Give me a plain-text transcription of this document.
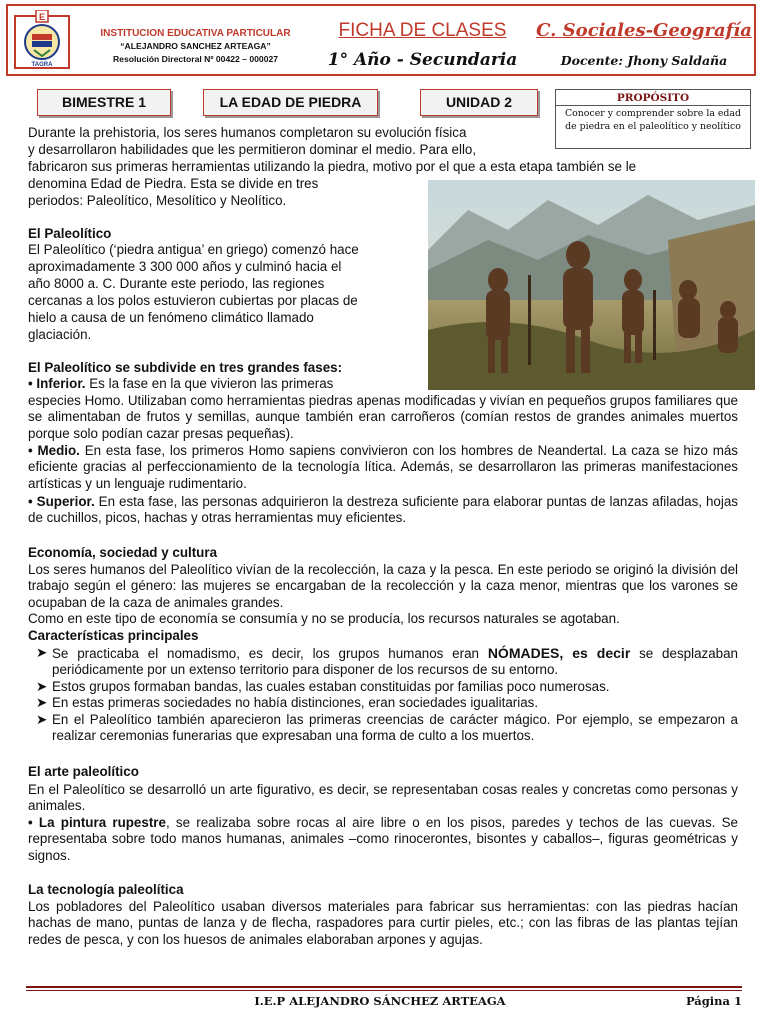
E
TAGRA
INSTITUCION EDUCATIVA PARTICULAR
“ALEJANDRO SANCHEZ ARTEAGA”
Resolución Directoral Nº 00422 – 000027
FICHA DE CLASES
1° Año - Secundaria
C. Sociales-Geografía
Docente: Jhony Saldaña
BIMESTRE 1	LA EDAD DE PIEDRA	UNIDAD 2	PROPÓSITO
Conocer y comprender sobre la edad de piedra en el paleolítico y neolítico
Durante la prehistoria, los seres humanos completaron su evolución física
y desarrollaron habilidades que les permitieron dominar el medio. Para ello,
fabricaron sus primeras herramientas utilizando la piedra, motivo por el que a esta etapa también se le
denomina Edad de Piedra. Esta se divide en tres
periodos: Paleolítico, Mesolítico y Neolítico.
El Paleolítico
El Paleolítico (‘piedra antigua’ en griego) comenzó hace
aproximadamente 3 300 000 años y culminó hacia el
año 8000 a. C. Durante este periodo, las regiones
cercanas a los polos estuvieron cubiertas por placas de
hielo a causa de un fenómeno climático llamado
glaciación.
El Paleolítico se subdivide en tres grandes fases:
• Inferior. Es la fase en la que vivieron las primeras
especies Homo. Utilizaban como herramientas piedras apenas modificadas y vivían en pequeños grupos familiares que se alimentaban de frutos y semillas, aunque también eran carroñeros (comían restos de grandes animales muertos porque solo podían cazar presas pequeñas).
• Medio. En esta fase, los primeros Homo sapiens convivieron con los hombres de Neandertal. La caza se hizo más eficiente gracias al perfeccionamiento de la tecnología lítica. Además, se desarrollaron las primeras manifestaciones artísticas y un lenguaje rudimentario.
• Superior. En esta fase, las personas adquirieron la destreza suficiente para elaborar puntas de lanzas afiladas, hojas de cuchillos, picos, hachas y otras herramientas muy eficientes.
Economía, sociedad y cultura
Los seres humanos del Paleolítico vivían de la recolección, la caza y la pesca. En este periodo se originó la división del trabajo según el género: las mujeres se encargaban de la recolección y la caza menor, mientras que los varones se ocupaban de la caza de animales grandes.
Como en este tipo de economía se consumía y no se producía, los recursos naturales se agotaban.
Características principales
➤ Se practicaba el nomadismo, es decir, los grupos humanos eran NÓMADES, es decir se desplazaban periódicamente por un extenso territorio para disponer de los recursos de su entorno.
➤ Estos grupos formaban bandas, las cuales estaban constituidas por familias poco numerosas.
➤ En estas primeras sociedades no había distinciones, eran sociedades igualitarias.
➤ En el Paleolítico también aparecieron las primeras creencias de carácter mágico. Por ejemplo, se empezaron a realizar ceremonias funerarias que expresaban una forma de culto a los muertos.
El arte paleolítico
En el Paleolítico se desarrolló un arte figurativo, es decir, se representaban cosas reales y concretas como personas y animales.
• La pintura rupestre, se realizaba sobre rocas al aire libre o en los pisos, paredes y techos de las cuevas. Se representaba sobre todo manos humanas, animales –como rinocerontes, bisontes y caballos–, figuras geométricas y signos.
La tecnología paleolítica
Los pobladores del Paleolítico usaban diversos materiales para fabricar sus herramientas: con las piedras hacían hachas de mano, puntas de lanza y de flecha, raspadores para curtir pieles, etc.; con las fibras de las plantas tejían redes de pesca, y con los huesos de animales elaboraban arpones y agujas.
I.E.P ALEJANDRO SÁNCHEZ ARTEAGA	Página 1
